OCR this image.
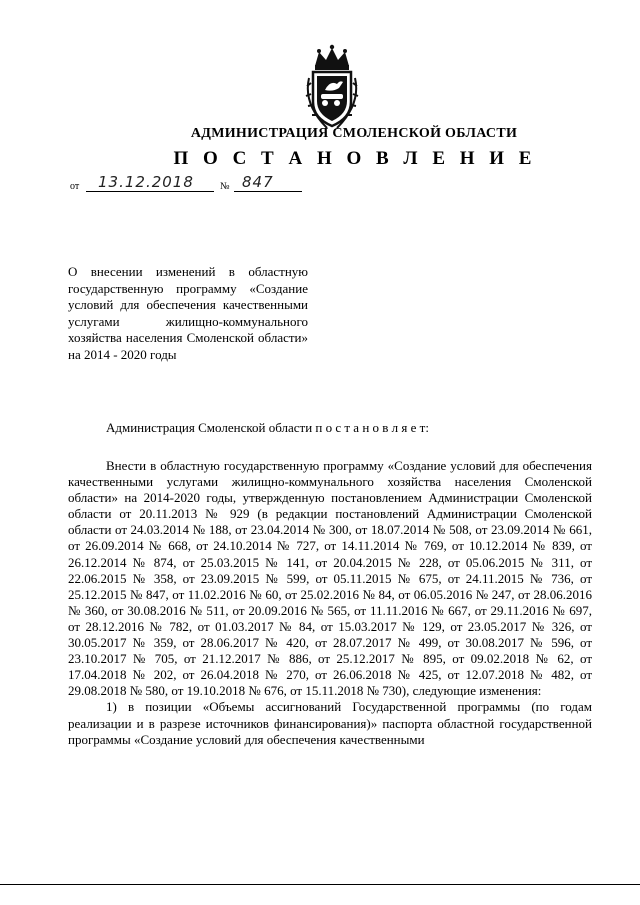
АДМИНИСТРАЦИЯ СМОЛЕНСКОЙ ОБЛАСТИ
П О С Т А Н О В Л Е Н И Е
от 13.12.2018	№ 847
О внесении изменений в областную государственную программу «Создание условий для обеспечения качественными услугами жилищно-коммунального хозяйства населения Смоленской области» на 2014 - 2020 годы
Администрация Смоленской области п о с т а н о в л я е т:

Внести в областную государственную программу «Создание условий для обеспечения качественными услугами жилищно-коммунального хозяйства населения Смоленской области» на 2014-2020 годы, утвержденную постановлением Администрации Смоленской области от 20.11.2013 № 929 (в редакции постановлений Администрации Смоленской области от 24.03.2014 № 188, от 23.04.2014 № 300, от 18.07.2014 № 508, от 23.09.2014 № 661, от 26.09.2014 № 668, от 24.10.2014 № 727, от 14.11.2014 № 769, от 10.12.2014 № 839, от 26.12.2014 № 874, от 25.03.2015 № 141, от 20.04.2015 № 228, от 05.06.2015 № 311, от 22.06.2015 № 358, от 23.09.2015 № 599, от 05.11.2015 № 675, от 24.11.2015 № 736, от 25.12.2015 № 847, от 11.02.2016 № 60, от 25.02.2016 № 84, от 06.05.2016 № 247, от 28.06.2016 № 360, от 30.08.2016 № 511, от 20.09.2016 № 565, от 11.11.2016 № 667, от 29.11.2016 № 697, от 28.12.2016 № 782, от 01.03.2017 № 84, от 15.03.2017 № 129, от 23.05.2017 № 326, от 30.05.2017 № 359, от 28.06.2017 № 420, от 28.07.2017 № 499, от 30.08.2017 № 596, от 23.10.2017 № 705, от 21.12.2017 № 886, от 25.12.2017 № 895, от 09.02.2018 № 62, от 17.04.2018 № 202, от 26.04.2018 № 270, от 26.06.2018 № 425, от 12.07.2018 № 482, от 29.08.2018 № 580, от 19.10.2018 № 676, от 15.11.2018 № 730), следующие изменения:

1) в позиции «Объемы ассигнований Государственной программы (по годам реализации и в разрезе источников финансирования)» паспорта областной государственной программы «Создание условий для обеспечения качественными
